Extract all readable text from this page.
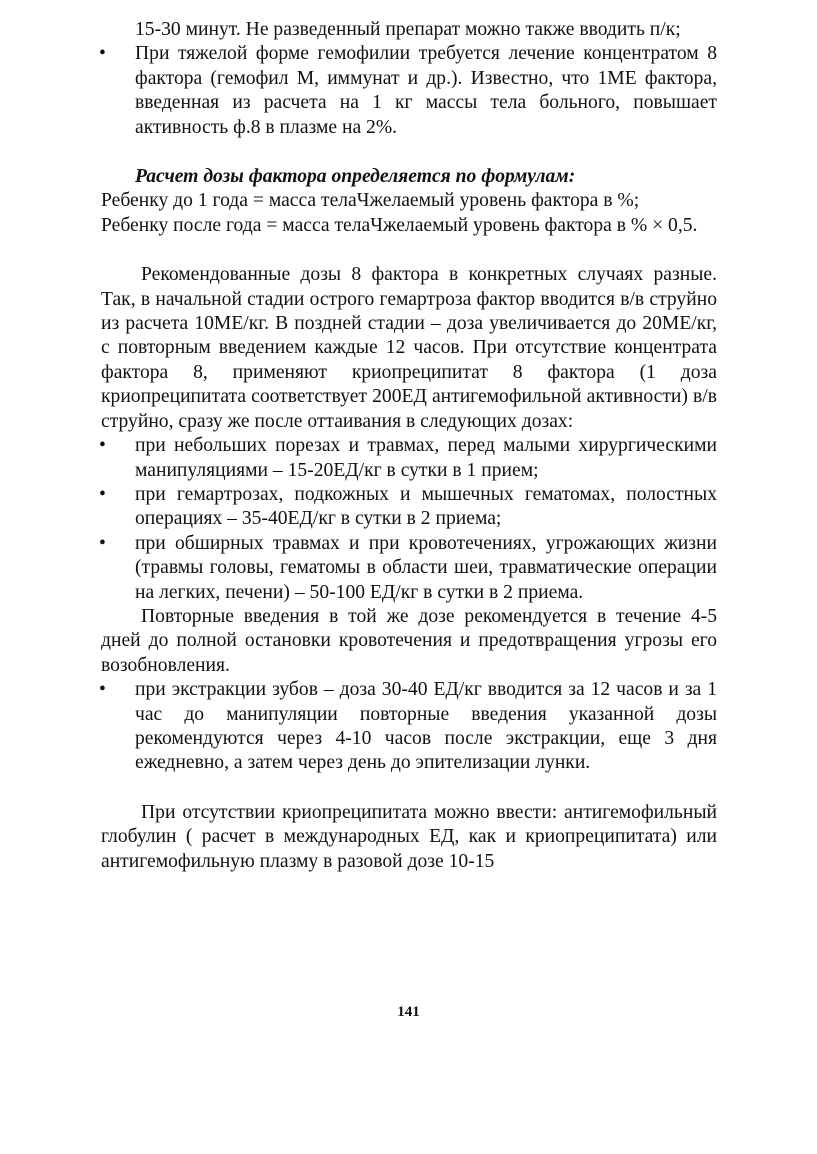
15-30 минут. Не разведенный препарат можно также вводить п/к;

• При тяжелой форме гемофилии требуется лечение концентратом 8 фактора (гемофил М, иммунат и др.). Известно, что 1МЕ фактора, введенная из расчета на 1 кг массы тела больного, повышает активность ф.8 в плазме на 2%.

Расчет дозы фактора определяется по формулам:

Ребенку до 1 года = масса телаЧжелаемый уровень фактора в %;

Ребенку после года = масса телаЧжелаемый уровень фактора в % × 0,5.

Рекомендованные дозы 8 фактора в конкретных случаях разные. Так, в начальной стадии острого гемартроза фактор вводится в/в струйно из расчета 10МЕ/кг. В поздней стадии – доза увеличивается до 20МЕ/кг, с повторным введением каждые 12 часов. При отсутствие концентрата фактора 8, применяют криопреципитат 8 фактора (1 доза криопреципитата соответствует 200ЕД антигемофильной активности) в/в струйно, сразу же после оттаивания в следующих дозах:

• при небольших порезах и травмах, перед малыми хирургическими манипуляциями – 15-20ЕД/кг в сутки в 1 прием;
• при гемартрозах, подкожных и мышечных гематомах, полостных операциях – 35-40ЕД/кг в сутки в 2 приема;
• при обширных травмах и при кровотечениях, угрожающих жизни (травмы головы, гематомы в области шеи, травматические операции на легких, печени) – 50-100 ЕД/кг в сутки в 2 приема.

Повторные введения в той же дозе рекомендуется в течение 4-5 дней до полной остановки кровотечения и предотвращения угрозы его возобновления.

• при экстракции зубов – доза 30-40 ЕД/кг вводится за 12 часов и за 1 час до манипуляции повторные введения указанной дозы рекомендуются через 4-10 часов после экстракции, еще 3 дня ежедневно, а затем через день до эпителизации лунки.

При отсутствии криопреципитата можно ввести: антигемофильный глобулин ( расчет в международных ЕД, как и криопреципитата) или антигемофильную плазму в разовой дозе 10-15

141
